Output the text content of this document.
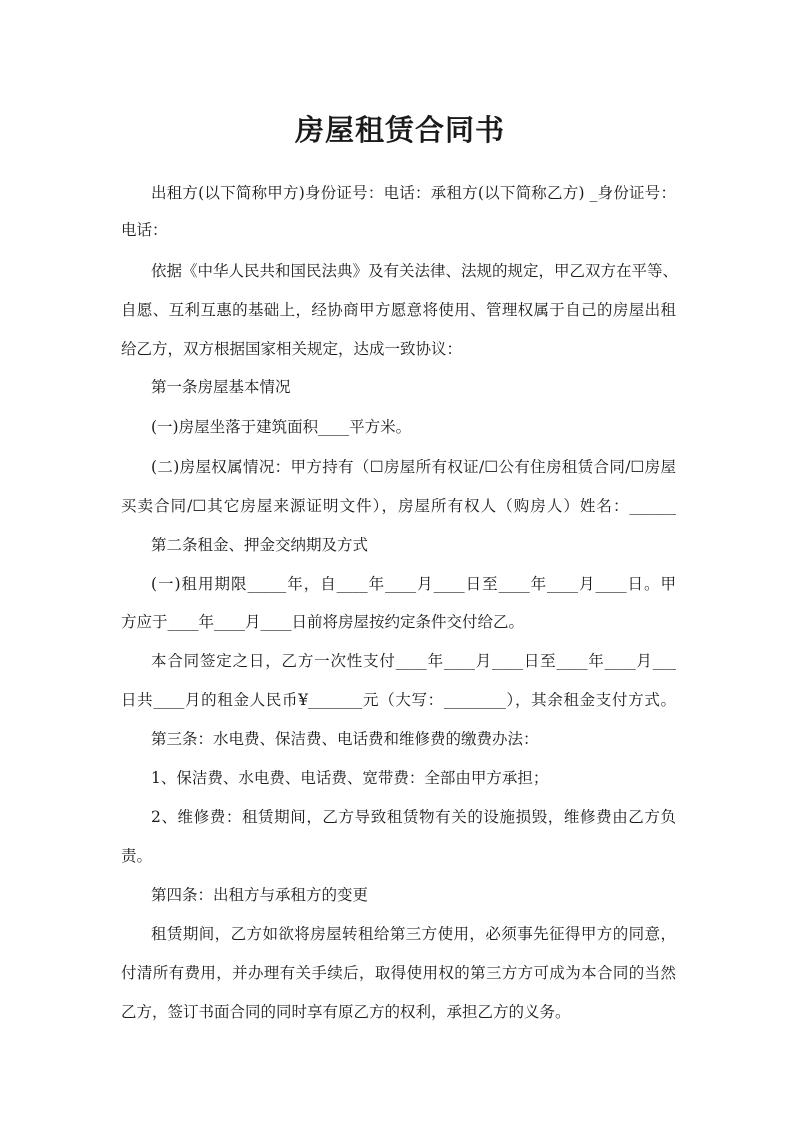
房屋租赁合同书
出租方(以下简称甲方)身份证号：电话：承租方(以下简称乙方) _身份证号：
电话：
依据《中华人民共和国民法典》及有关法律、法规的规定，甲乙双方在平等、
自愿、互利互惠的基础上，经协商甲方愿意将使用、管理权属于自己的房屋出租
给乙方，双方根据国家相关规定，达成一致协议：
第一条房屋基本情况
(一)房屋坐落于建筑面积____平方米。
(二)房屋权属情况：甲方持有（☐房屋所有权证/☐公有住房租赁合同/☐房屋
买卖合同/☐其它房屋来源证明文件），房屋所有权人（购房人）姓名：______
第二条租金、押金交纳期及方式
(一)租用期限_____年，自____年____月____日至____年____月____日。甲
方应于____年____月____日前将房屋按约定条件交付给乙。
本合同签定之日，乙方一次性支付____年____月____日至____年____月___
日共____月的租金人民币¥_______元（大写：________），其余租金支付方式。
第三条：水电费、保洁费、电话费和维修费的缴费办法：
1、保洁费、水电费、电话费、宽带费：全部由甲方承担；
2、维修费：租赁期间，乙方导致租赁物有关的设施损毁，维修费由乙方负
责。
第四条：出租方与承租方的变更
租赁期间，乙方如欲将房屋转租给第三方使用，必须事先征得甲方的同意，
付清所有费用，并办理有关手续后，取得使用权的第三方方可成为本合同的当然
乙方，签订书面合同的同时享有原乙方的权利，承担乙方的义务。
